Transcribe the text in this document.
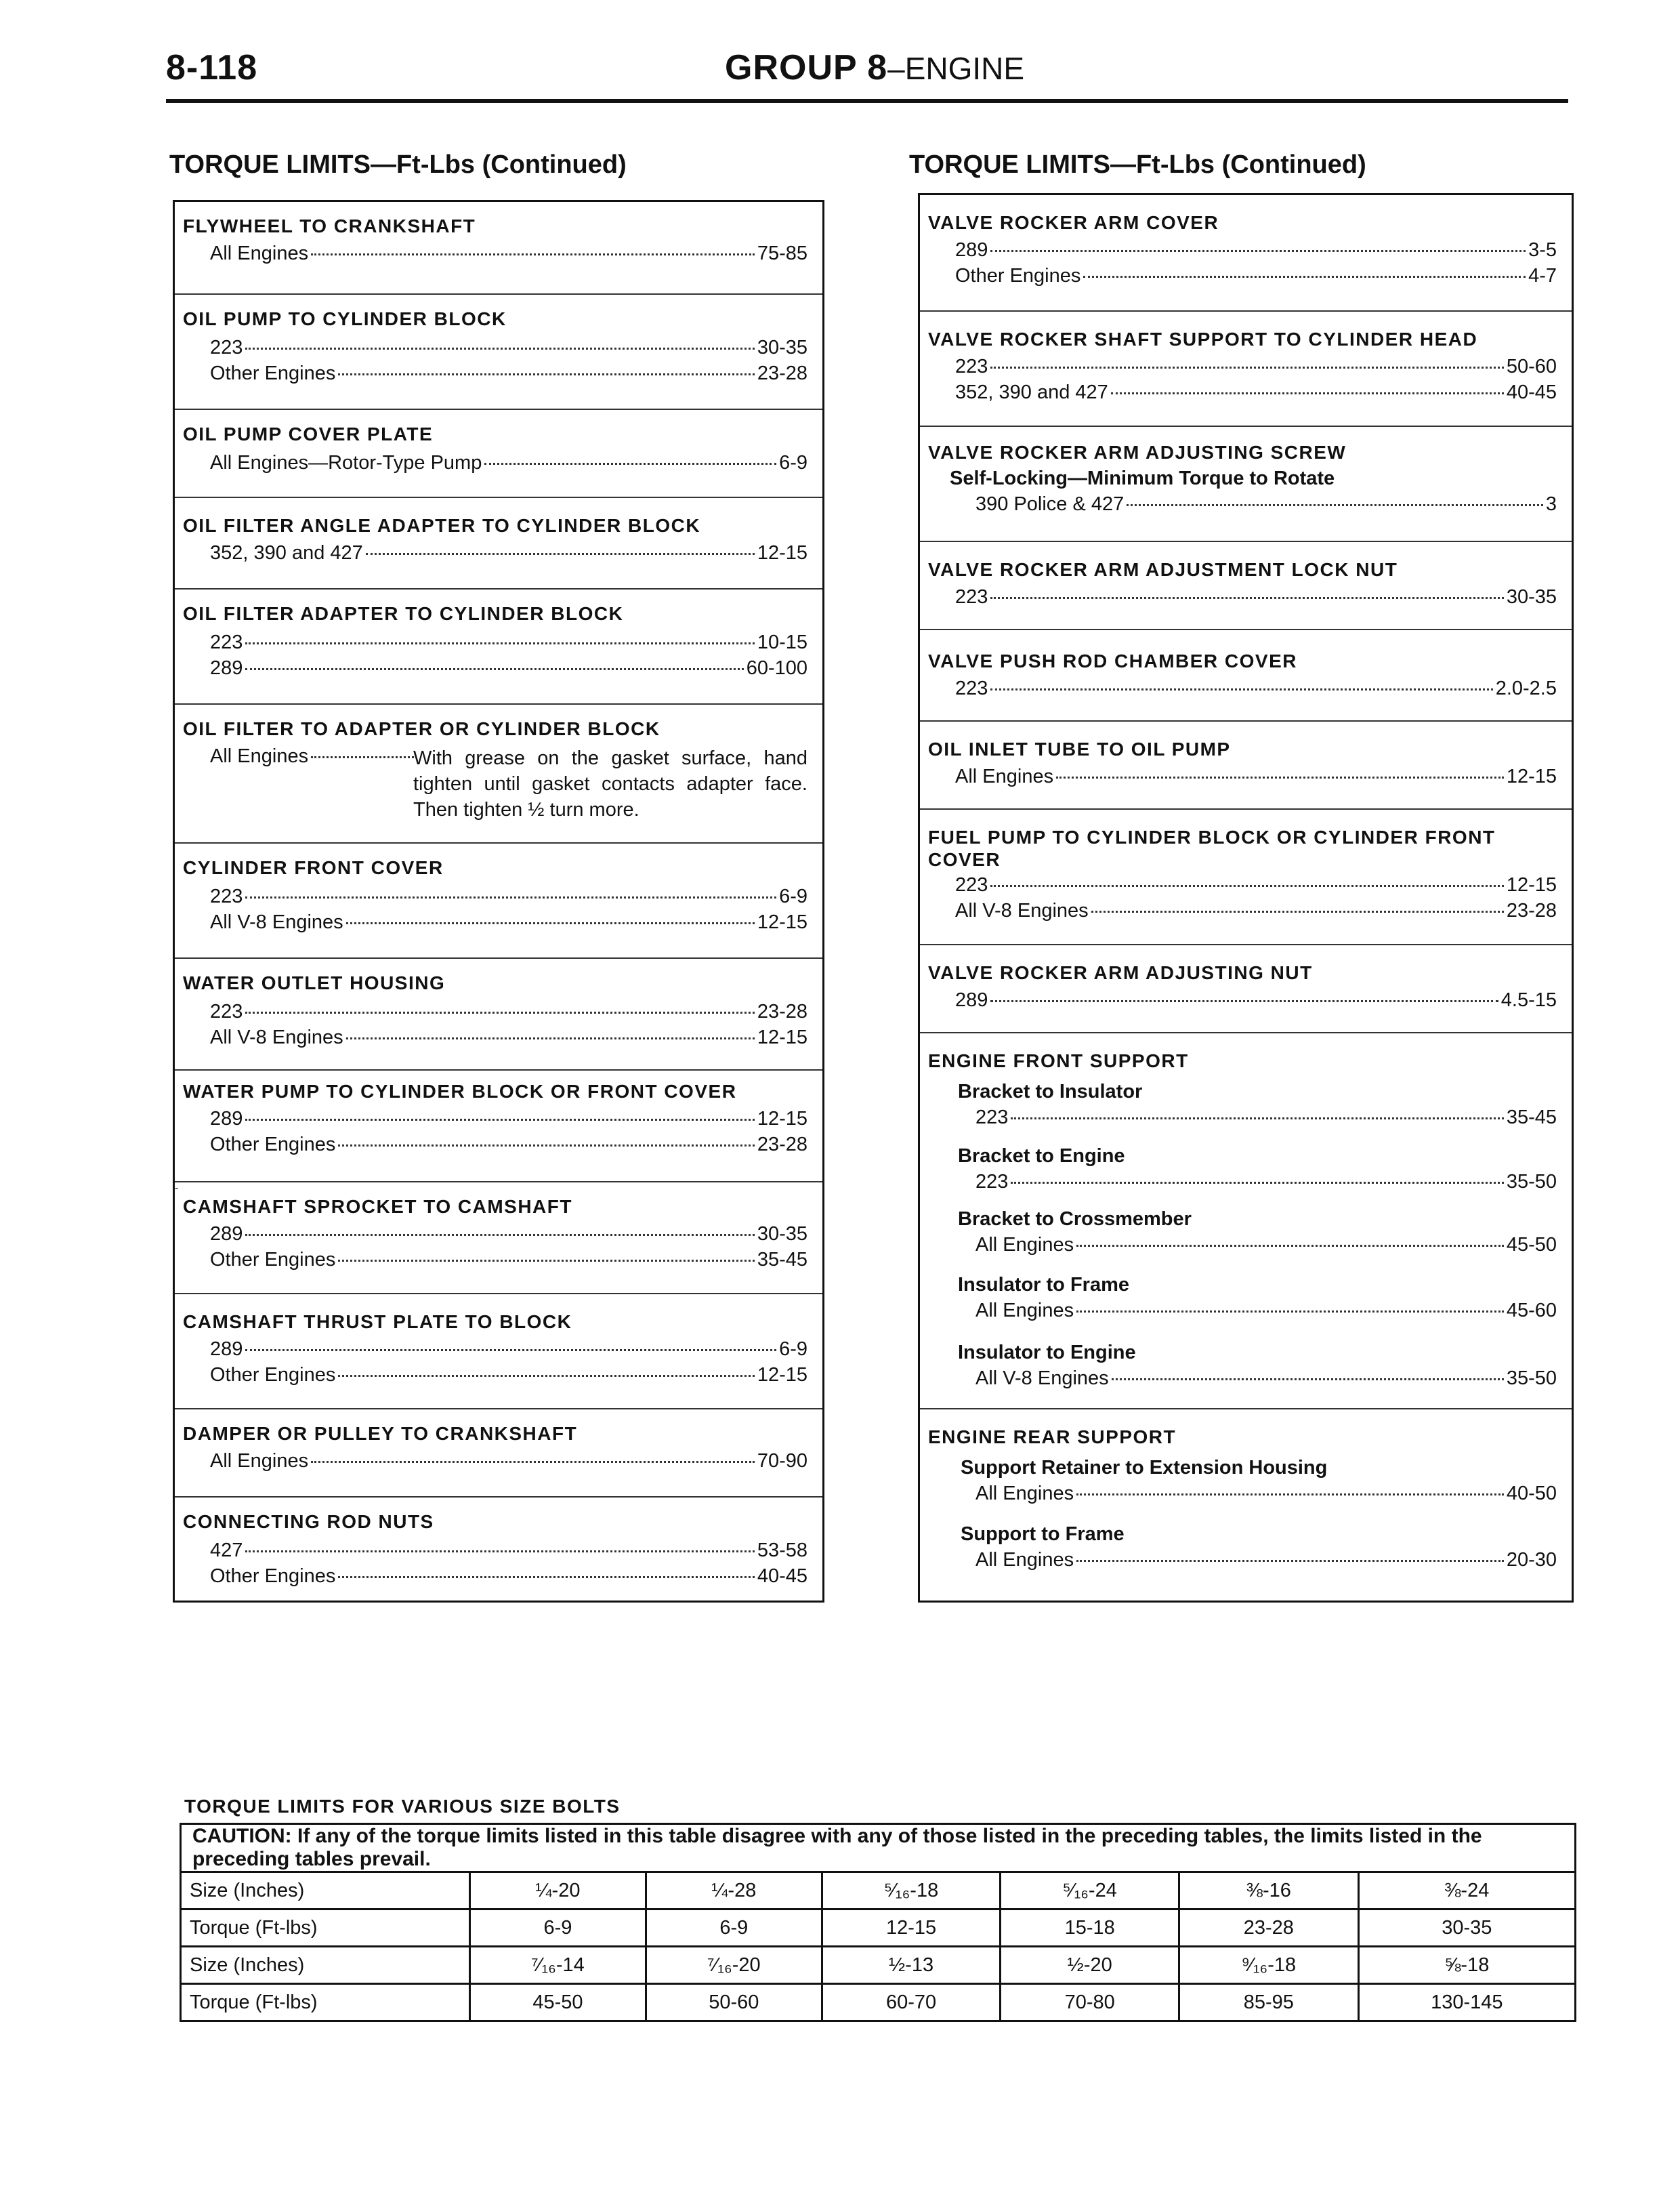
8-118	GROUP 8–ENGINE
TORQUE LIMITS—Ft-Lbs (Continued)	TORQUE LIMITS—Ft-Lbs (Continued)
FLYWHEEL TO CRANKSHAFT
All Engines	75-85
OIL PUMP TO CYLINDER BLOCK
223	30-35
Other Engines	23-28
OIL PUMP COVER PLATE
All Engines—Rotor-Type Pump	6-9
OIL FILTER ANGLE ADAPTER TO CYLINDER BLOCK
352, 390 and 427	12-15
OIL FILTER ADAPTER TO CYLINDER BLOCK
223	10-15
289	60-100
OIL FILTER TO ADAPTER OR CYLINDER BLOCK
All Engines	With grease on the gasket surface, hand tighten until gasket contacts adapter face. Then tighten ½ turn more.
CYLINDER FRONT COVER
223	6-9
All V-8 Engines	12-15
WATER OUTLET HOUSING
223	23-28
All V-8 Engines	12-15
WATER PUMP TO CYLINDER BLOCK OR FRONT COVER
289	12-15
Other Engines	23-28
-
CAMSHAFT SPROCKET TO CAMSHAFT
289	30-35
Other Engines	35-45
CAMSHAFT THRUST PLATE TO BLOCK
289	6-9
Other Engines	12-15
DAMPER OR PULLEY TO CRANKSHAFT
All Engines	70-90
CONNECTING ROD NUTS
427	53-58
Other Engines	40-45
VALVE ROCKER ARM COVER
289	3-5
Other Engines	4-7
VALVE ROCKER SHAFT SUPPORT TO CYLINDER HEAD
223	50-60
352, 390 and 427	40-45
VALVE ROCKER ARM ADJUSTING SCREW
Self-Locking—Minimum Torque to Rotate
390 Police & 427	3
VALVE ROCKER ARM ADJUSTMENT LOCK NUT
223	30-35
VALVE PUSH ROD CHAMBER COVER
223	2.0-2.5
OIL INLET TUBE TO OIL PUMP
All Engines	12-15
FUEL PUMP TO CYLINDER BLOCK OR CYLINDER FRONT
COVER
223	12-15
All V-8 Engines	23-28
VALVE ROCKER ARM ADJUSTING NUT
289	4.5-15
ENGINE FRONT SUPPORT
Bracket to Insulator
223	35-45
Bracket to Engine
223	35-50
Bracket to Crossmember
All Engines	45-50
Insulator to Frame
All Engines	45-60
Insulator to Engine
All V-8 Engines	35-50
ENGINE REAR SUPPORT
Support Retainer to Extension Housing
All Engines	40-50
Support to Frame
All Engines	20-30
TORQUE LIMITS FOR VARIOUS SIZE BOLTS
CAUTION: If any of the torque limits listed in this table disagree with any of those listed in the preceding tables, the limits listed in the preceding tables prevail.						
Size (Inches)	¼-20	¼-28	⁵⁄₁₆-18	⁵⁄₁₆-24	⅜-16	⅜-24
Torque (Ft-lbs)	6-9	6-9	12-15	15-18	23-28	30-35
Size (Inches)	⁷⁄₁₆-14	⁷⁄₁₆-20	½-13	½-20	⁹⁄₁₆-18	⅝-18
Torque (Ft-lbs)	45-50	50-60	60-70	70-80	85-95	130-145
